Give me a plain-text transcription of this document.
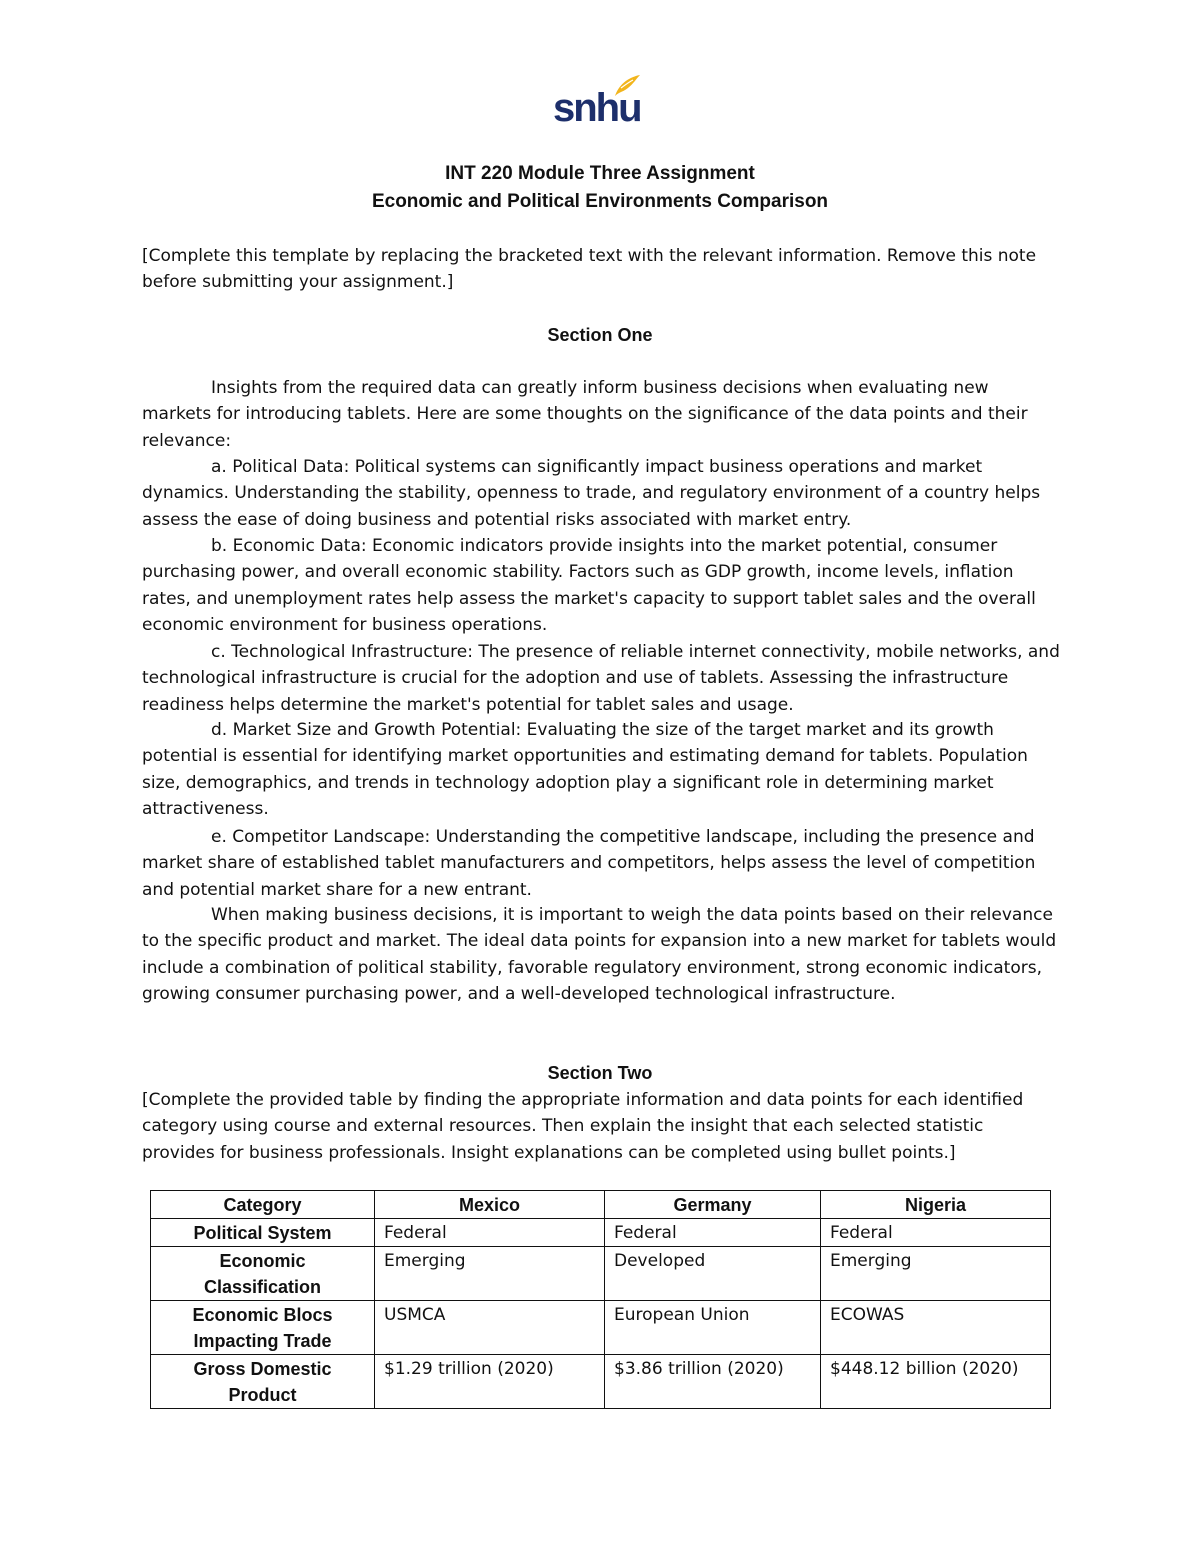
snhu
INT 220 Module Three Assignment
Economic and Political Environments Comparison

[Complete this template by replacing the bracketed text with the relevant information. Remove this note before submitting your assignment.]

Section One

Insights from the required data can greatly inform business decisions when evaluating new markets for introducing tablets. Here are some thoughts on the significance of the data points and their relevance:

a. Political Data: Political systems can significantly impact business operations and market dynamics. Understanding the stability, openness to trade, and regulatory environment of a country helps assess the ease of doing business and potential risks associated with market entry.

b. Economic Data: Economic indicators provide insights into the market potential, consumer purchasing power, and overall economic stability. Factors such as GDP growth, income levels, inflation rates, and unemployment rates help assess the market's capacity to support tablet sales and the overall economic environment for business operations.

c. Technological Infrastructure: The presence of reliable internet connectivity, mobile networks, and technological infrastructure is crucial for the adoption and use of tablets. Assessing the infrastructure readiness helps determine the market's potential for tablet sales and usage.

d. Market Size and Growth Potential: Evaluating the size of the target market and its growth potential is essential for identifying market opportunities and estimating demand for tablets. Population size, demographics, and trends in technology adoption play a significant role in determining market attractiveness.

e. Competitor Landscape: Understanding the competitive landscape, including the presence and market share of established tablet manufacturers and competitors, helps assess the level of competition and potential market share for a new entrant.

When making business decisions, it is important to weigh the data points based on their relevance to the specific product and market. The ideal data points for expansion into a new market for tablets would include a combination of political stability, favorable regulatory environment, strong economic indicators, growing consumer purchasing power, and a well-developed technological infrastructure.

Section Two

[Complete the provided table by finding the appropriate information and data points for each identified category using course and external resources. Then explain the insight that each selected statistic provides for business professionals. Insight explanations can be completed using bullet points.]

Category	Mexico	Germany	Nigeria
Political System	Federal	Federal	Federal
Economic Classification	Emerging	Developed	Emerging
Economic Blocs Impacting Trade	USMCA	European Union	ECOWAS
Gross Domestic Product	$1.29 trillion (2020)	$3.86 trillion (2020)	$448.12 billion (2020)
